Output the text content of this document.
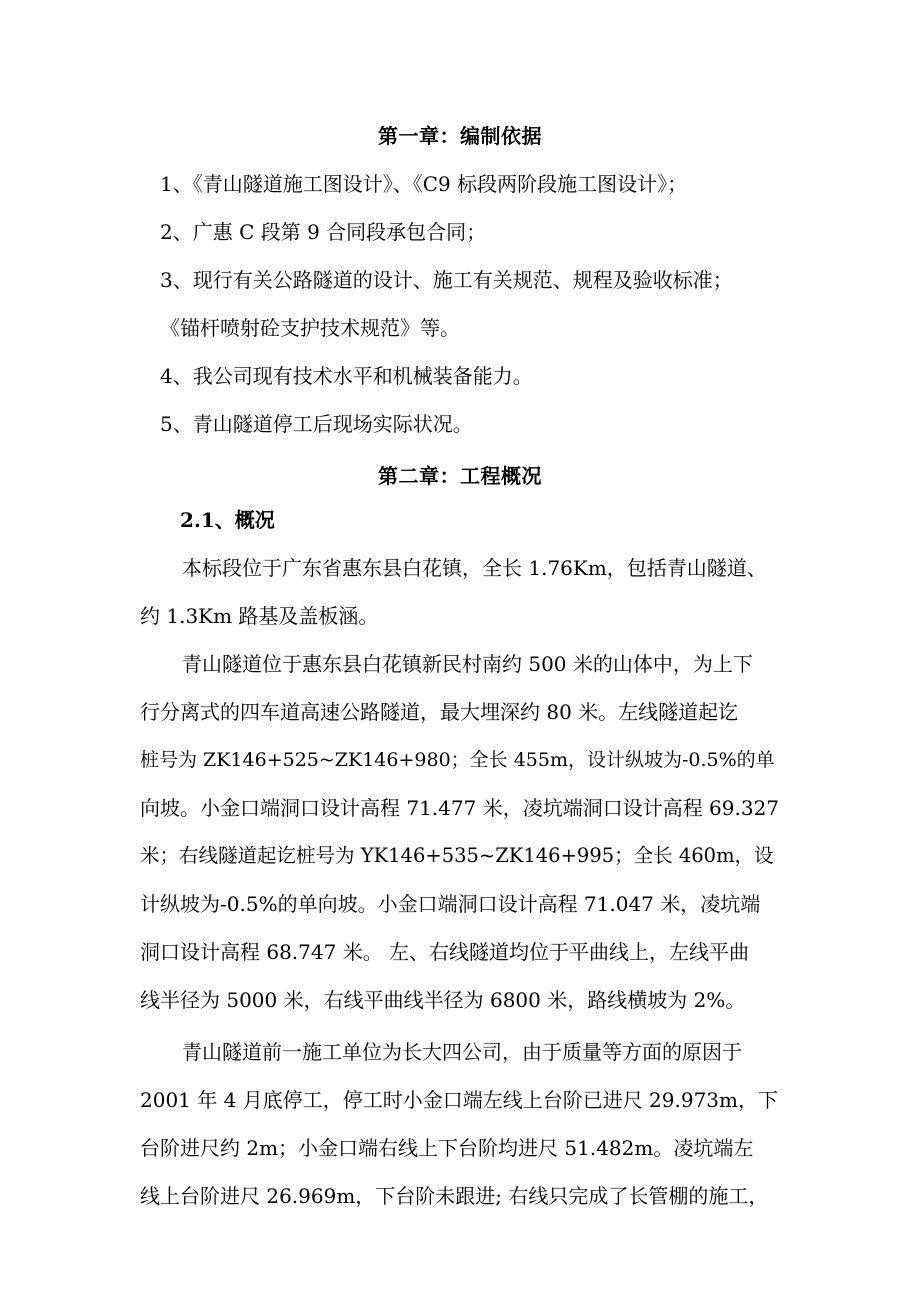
第一章：编制依据
1、《青山隧道施工图设计》、《C9 标段两阶段施工图设计》；
2、广惠 C 段第 9 合同段承包合同；
3、现行有关公路隧道的设计、施工有关规范、规程及验收标准；
《锚杆喷射砼支护技术规范》等。
4、我公司现有技术水平和机械装备能力。
5、青山隧道停工后现场实际状况。
第二章：工程概况
2.1、概况
本标段位于广东省惠东县白花镇，全长 1.76Km，包括青山隧道、
约 1.3Km 路基及盖板涵。
青山隧道位于惠东县白花镇新民村南约 500 米的山体中，为上下
行分离式的四车道高速公路隧道，最大埋深约 80 米。左线隧道起讫
桩号为 ZK146+525~ZK146+980；全长 455m，设计纵坡为-0.5%的单
向坡。小金口端洞口设计高程 71.477 米，凌坑端洞口设计高程 69.327
米；右线隧道起讫桩号为 YK146+535~ZK146+995；全长 460m，设
计纵坡为-0.5%的单向坡。小金口端洞口设计高程 71.047 米，凌坑端
洞口设计高程 68.747 米。 左、右线隧道均位于平曲线上，左线平曲
线半径为 5000 米，右线平曲线半径为 6800 米，路线横坡为 2%。
青山隧道前一施工单位为长大四公司，由于质量等方面的原因于
2001 年 4 月底停工，停工时小金口端左线上台阶已进尺 29.973m，下
台阶进尺约 2m；小金口端右线上下台阶均进尺 51.482m。凌坑端左
线上台阶进尺 26.969m，下台阶未跟进; 右线只完成了长管棚的施工，
